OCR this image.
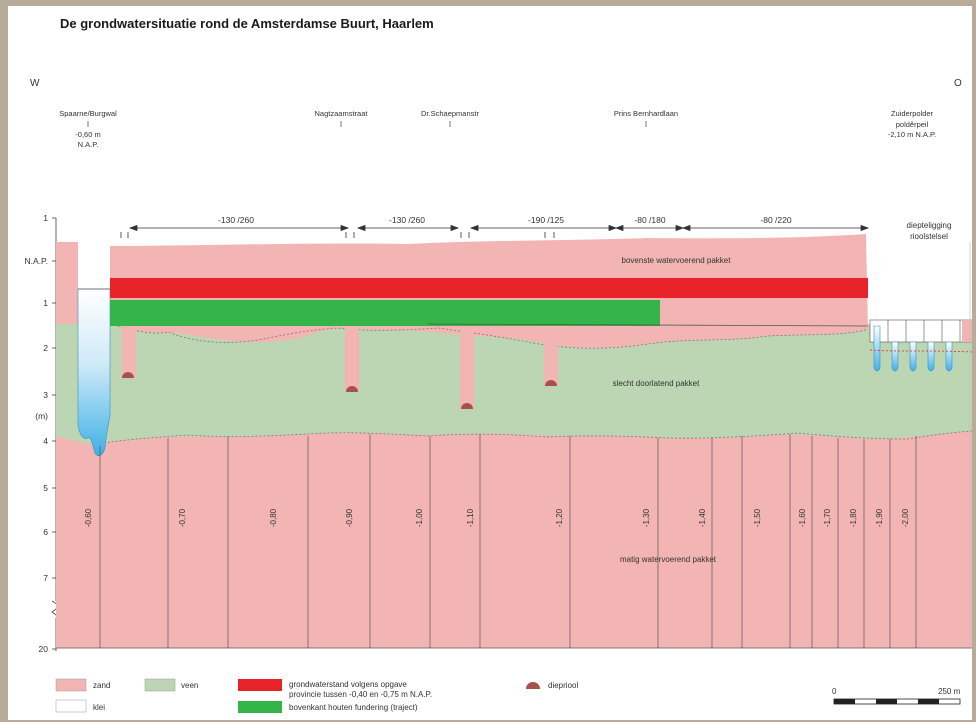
De grondwatersituatie rond de Amsterdamse Buurt, Haarlem
W	O
Spaarne/Burgwal
-0,60 m
N.A.P.
Nagtzaamstraat	Dr.Schaepmanstr	Prins Bernhardlaan	Zuiderpolder
polderpeil
-2,10 m N.A.P.
-130 /260	-130 /260	-190 /125	-80 /180	-80 /220
diepteligging
rioolstelsel
1
N.A.P.
1
2
3
(m)
4
5
6
7
20
-0,60	-0,70	-0,80	-0,90	-1,00	-1,10	-1,20	-1,30	-1,40	-1,50	-1,60 -1,70 -1,80 -1,90 -2,00
bovenste watervoerend pakket
slecht doorlatend pakket
matig watervoerend pakket
zand
klei
veen	grondwaterstand volgens opgave
provincie tussen -0,40 en -0,75 m N.A.P.
bovenkant houten fundering (traject)
diepriool
0	250 m
